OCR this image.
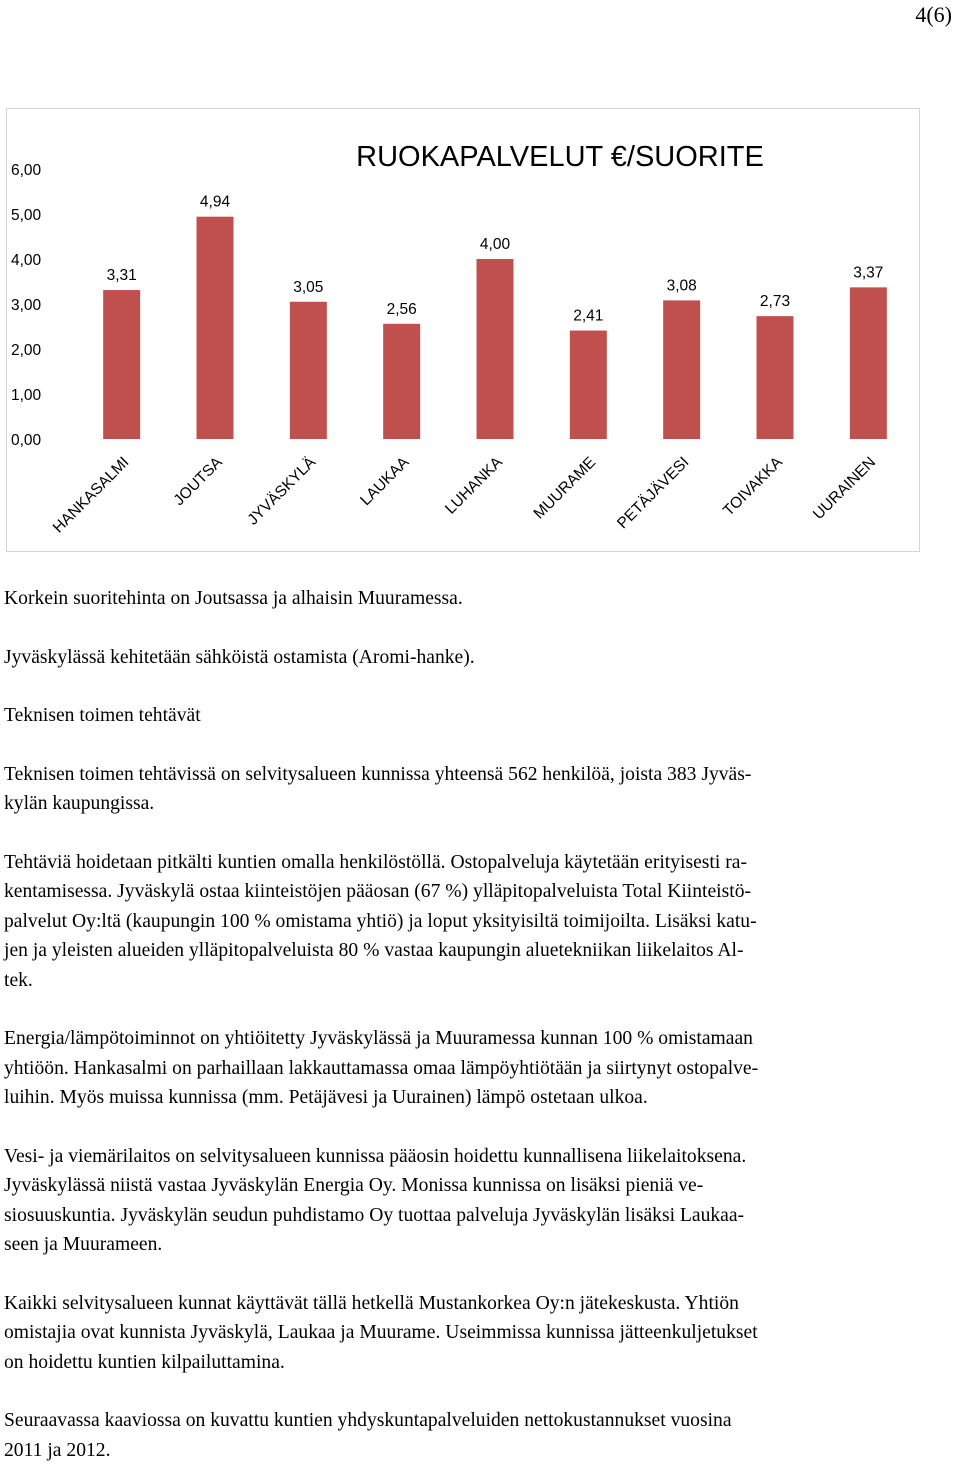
4(6)
RUOKAPALVELUT €/SUORITE
0,00
1,00
2,00
3,00
4,00
5,00
6,00
3,31
HANKASALMI
4,94
JOUTSA
3,05
JYVÄSKYLÄ
2,56
LAUKAA
4,00
LUHANKA
2,41
MUURAME
3,08
PETÄJÄVESI
2,73
TOIVAKKA
3,37
UURAINEN

Korkein suoritehinta on Joutsassa ja alhaisin Muuramessa.

Jyväskylässä kehitetään sähköistä ostamista (Aromi-hanke).

Teknisen toimen tehtävät

Teknisen toimen tehtävissä on selvitysalueen kunnissa yhteensä 562 henkilöä, joista 383 Jyväs-

kylän kaupungissa.

Tehtäviä hoidetaan pitkälti kuntien omalla henkilöstöllä. Ostopalveluja käytetään erityisesti ra-

kentamisessa. Jyväskylä ostaa kiinteistöjen pääosan (67 %) ylläpitopalveluista Total Kiinteistö-

palvelut Oy:ltä (kaupungin 100 % omistama yhtiö) ja loput yksityisiltä toimijoilta. Lisäksi katu-

jen ja yleisten alueiden ylläpitopalveluista 80 % vastaa kaupungin aluetekniikan liikelaitos Al-

tek.

Energia/lämpötoiminnot on yhtiöitetty Jyväskylässä ja Muuramessa kunnan 100 % omistamaan

yhtiöön. Hankasalmi on parhaillaan lakkauttamassa omaa lämpöyhtiötään ja siirtynyt ostopalve-

luihin. Myös muissa kunnissa (mm. Petäjävesi ja Uurainen) lämpö ostetaan ulkoa.

Vesi- ja viemärilaitos on selvitysalueen kunnissa pääosin hoidettu kunnallisena liikelaitoksena.

Jyväskylässä niistä vastaa Jyväskylän Energia Oy. Monissa kunnissa on lisäksi pieniä ve-

siosuuskuntia. Jyväskylän seudun puhdistamo Oy tuottaa palveluja Jyväskylän lisäksi Laukaa-

seen ja Muurameen.

Kaikki selvitysalueen kunnat käyttävät tällä hetkellä Mustankorkea Oy:n jätekeskusta. Yhtiön

omistajia ovat kunnista Jyväskylä, Laukaa ja Muurame. Useimmissa kunnissa jätteenkuljetukset

on hoidettu kuntien kilpailuttamina.

Seuraavassa kaaviossa on kuvattu kuntien yhdyskuntapalveluiden nettokustannukset vuosina

2011 ja 2012.
